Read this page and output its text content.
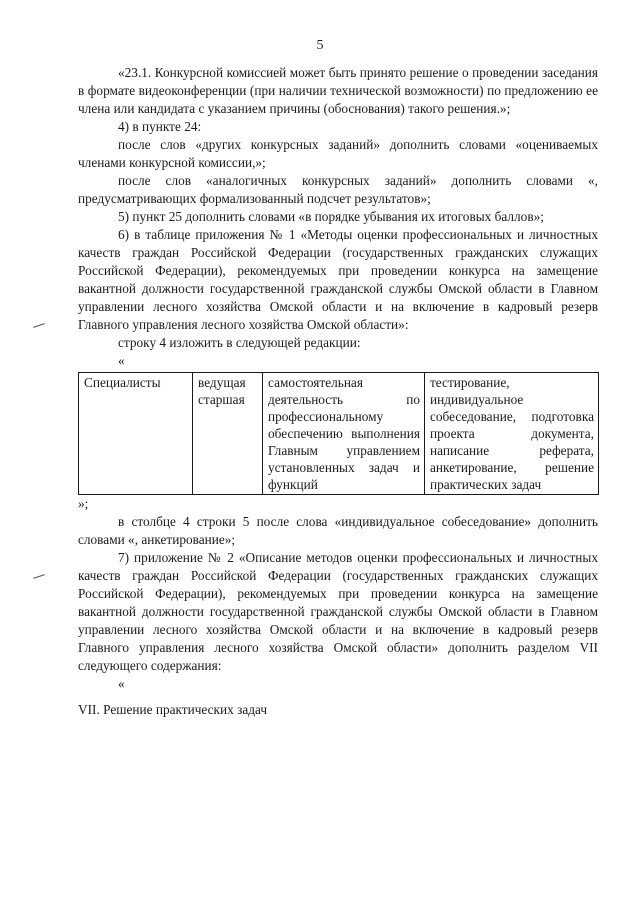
5

«23.1. Конкурсной комиссией может быть принято решение о проведении заседания в формате видеоконференции (при наличии технической возможности) по предложению ее члена или кандидата с указанием причины (обоснования) такого решения.»;

4) в пункте 24:

после слов «других конкурсных заданий» дополнить словами «оцениваемых членами конкурсной комиссии,»;

после слов «аналогичных конкурсных заданий» дополнить словами «, предусматривающих формализованный подсчет результатов»;

5) пункт 25 дополнить словами «в порядке убывания их итоговых баллов»;

6) в таблице приложения № 1 «Методы оценки профессиональных и личностных качеств граждан Российской Федерации (государственных гражданских служащих Российской Федерации), рекомендуемых при проведении конкурса на замещение вакантной должности государственной гражданской службы Омской области в Главном управлении лесного хозяйства Омской области и на включение в кадровый резерв Главного управления лесного хозяйства Омской области»:

строку 4 изложить в следующей редакции:

«

Специалисты	ведущая старшая	самостоятельная деятельность по профессиональному обеспечению выполнения Главным управлением установленных задач и функций	тестирование, индивидуальное собеседование, подготовка проекта документа, написание реферата, анкетирование, решение практических задач

»;

в столбце 4 строки 5 после слова «индивидуальное собеседование» дополнить словами «, анкетирование»;

7) приложение № 2 «Описание методов оценки профессиональных и личностных качеств граждан Российской Федерации (государственных гражданских служащих Российской Федерации), рекомендуемых при проведении конкурса на замещение вакантной должности государственной гражданской службы Омской области в Главном управлении лесного хозяйства Омской области и на включение в кадровый резерв Главного управления лесного хозяйства Омской области» дополнить разделом VII следующего содержания:

«

VII. Решение практических задач
